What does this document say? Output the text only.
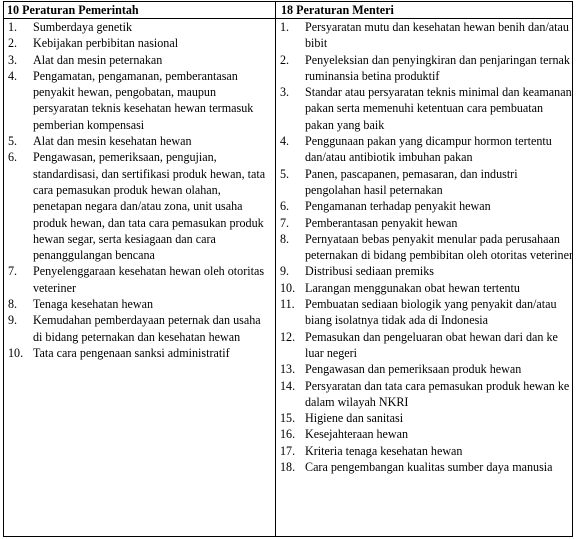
10 Peraturan Pemerintah	18 Peraturan Menteri
1. Sumberdaya genetik
2. Kebijakan perbibitan nasional
3. Alat dan mesin peternakan
4. Pengamatan, pengamanan, pemberantasan penyakit hewan, pengobatan, maupun persyaratan teknis kesehatan hewan termasuk pemberian kompensasi
5. Alat dan mesin kesehatan hewan
6. Pengawasan, pemeriksaan, pengujian, standardisasi, dan sertifikasi produk hewan, tata cara pemasukan produk hewan olahan, penetapan negara dan/atau zona, unit usaha produk hewan, dan tata cara pemasukan produk hewan segar, serta kesiagaan dan cara penanggulangan bencana
7. Penyelenggaraan kesehatan hewan oleh otoritas veteriner
8. Tenaga kesehatan hewan
9. Kemudahan pemberdayaan peternak dan usaha di bidang peternakan dan kesehatan hewan
10. Tata cara pengenaan sanksi administratif
1. Persyaratan mutu dan kesehatan hewan benih dan/atau bibit
2. Penyeleksian dan penyingkiran dan penjaringan ternak ruminansia betina produktif
3. Standar atau persyaratan teknis minimal dan keamanan pakan serta memenuhi ketentuan cara pembuatan pakan yang baik
4. Penggunaan pakan yang dicampur hormon tertentu dan/atau antibiotik imbuhan pakan
5. Panen, pascapanen, pemasaran, dan industri pengolahan hasil peternakan
6. Pengamanan terhadap penyakit hewan
7. Pemberantasan penyakit hewan
8. Pernyataan bebas penyakit menular pada perusahaan peternakan di bidang pembibitan oleh otoritas veteriner
9. Distribusi sediaan premiks
10. Larangan menggunakan obat hewan tertentu
11. Pembuatan sediaan biologik yang penyakit dan/atau biang isolatnya tidak ada di Indonesia
12. Pemasukan dan pengeluaran obat hewan dari dan ke luar negeri
13. Pengawasan dan pemeriksaan produk hewan
14. Persyaratan dan tata cara pemasukan produk hewan ke dalam wilayah NKRI
15. Higiene dan sanitasi
16. Kesejahteraan hewan
17. Kriteria tenaga kesehatan hewan
18. Cara pengembangan kualitas sumber daya manusia
